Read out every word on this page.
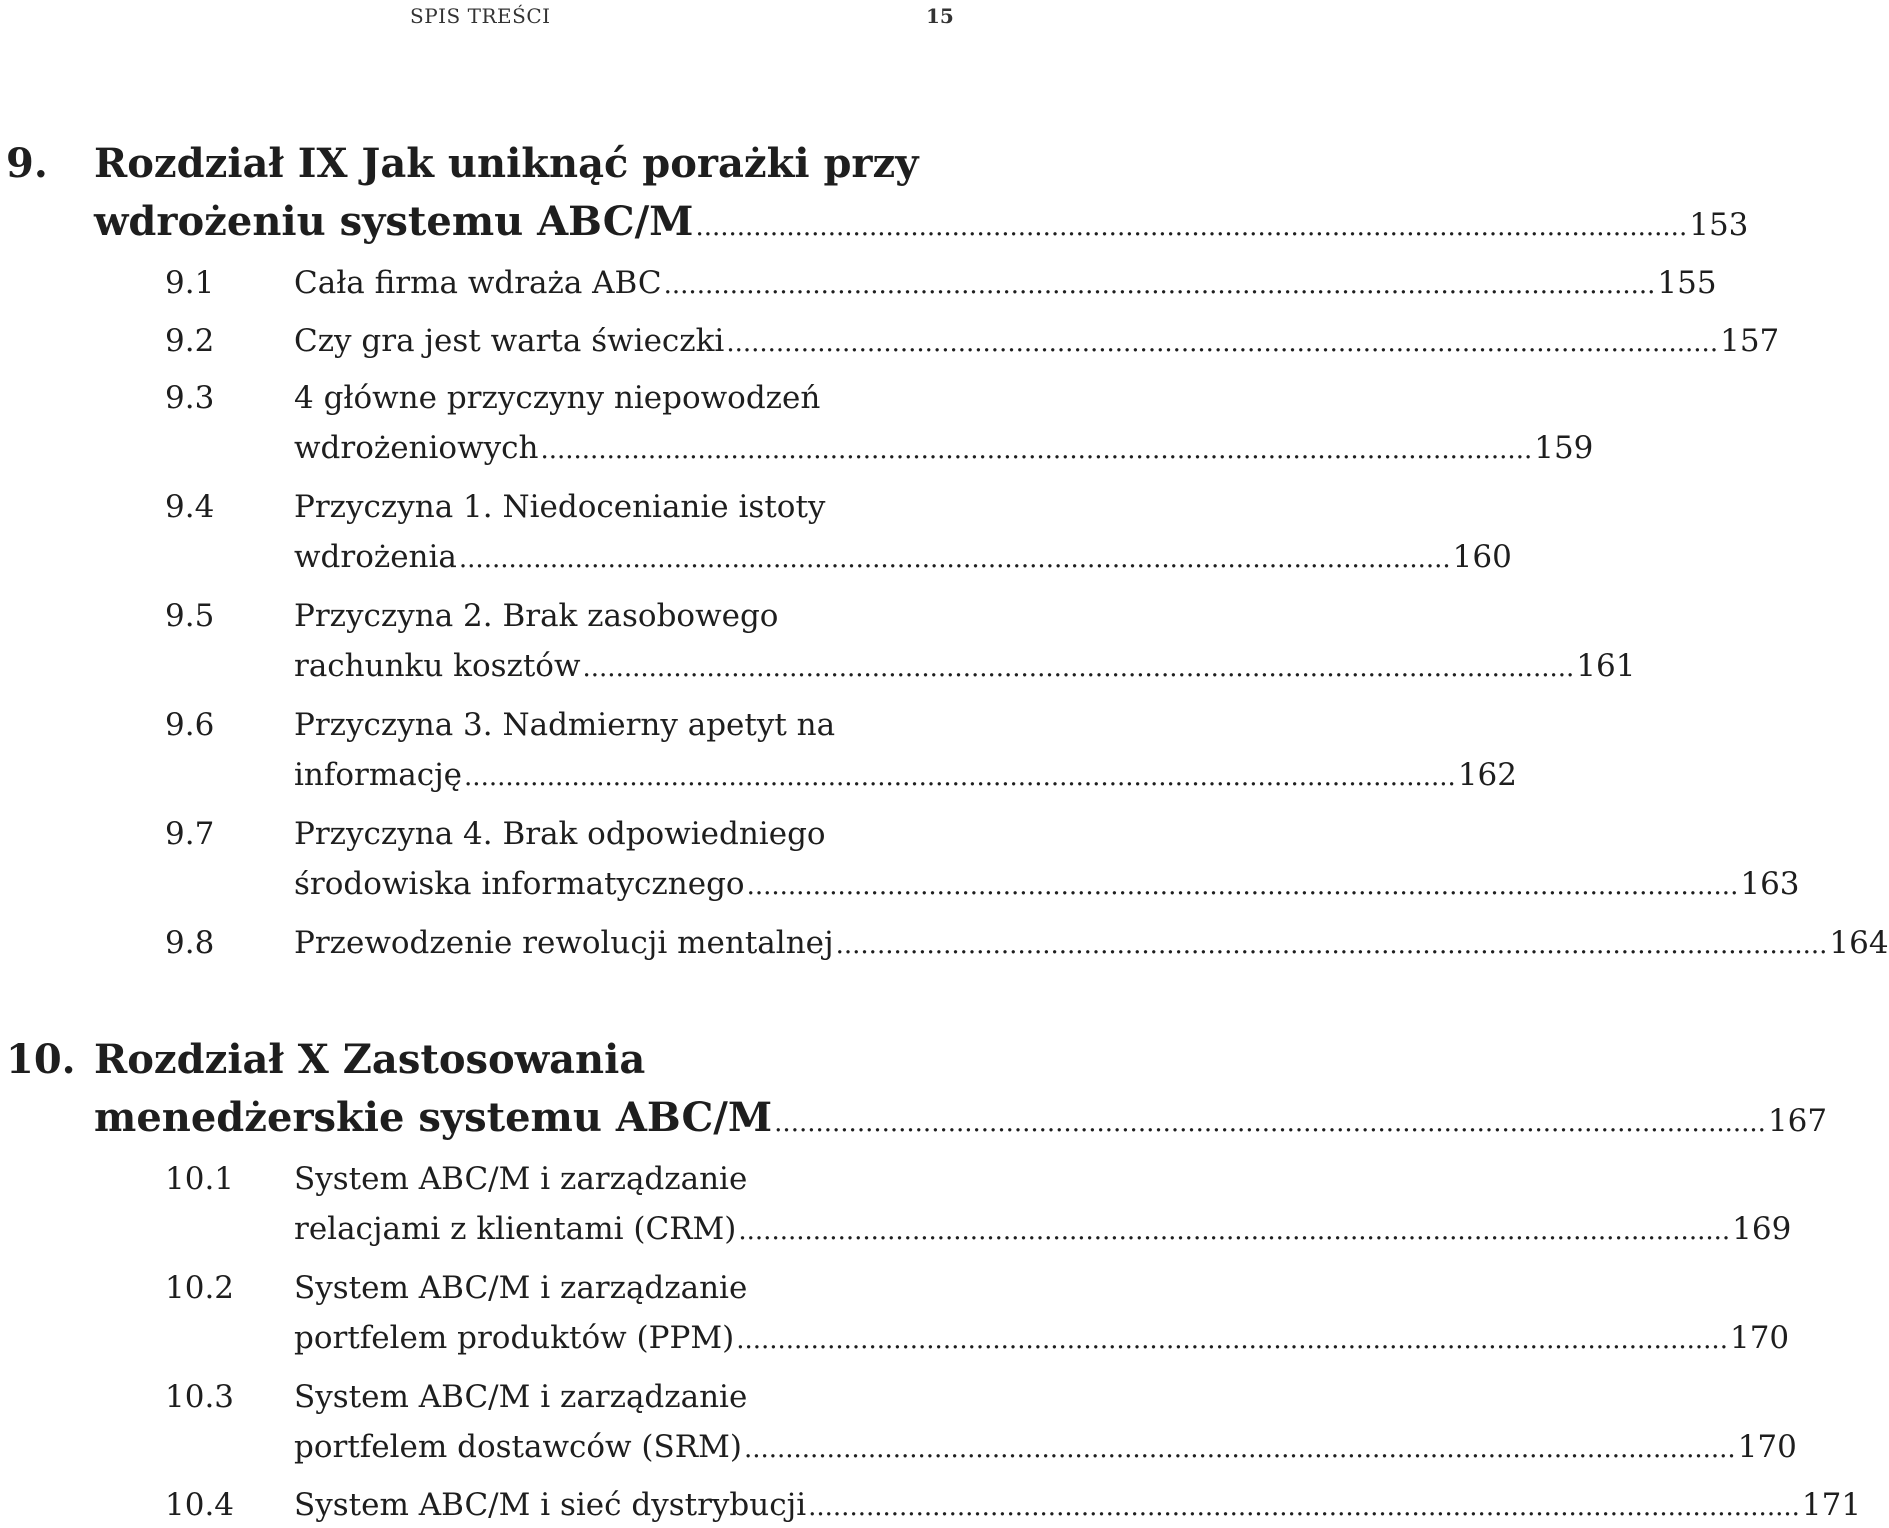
SPIS TREŚCI	15
9. Rozdział IX Jak uniknąć porażki przy
wdrożeniu systemu ABC/M ........................................................................................................................ 153
9.1	Cała firma wdraża ABC ........................................................................................................................ 155
9.2	Czy gra jest warta świeczki ........................................................................................................................ 157
9.3	4 główne przyczyny niepowodzeń
wdrożeniowych ........................................................................................................................ 159
9.4	Przyczyna 1. Niedocenianie istoty
wdrożenia ........................................................................................................................ 160
9.5	Przyczyna 2. Brak zasobowego
rachunku kosztów ........................................................................................................................ 161
9.6	Przyczyna 3. Nadmierny apetyt na
informację ........................................................................................................................ 162
9.7	Przyczyna 4. Brak odpowiedniego
środowiska informatycznego ........................................................................................................................ 163
9.8	Przewodzenie rewolucji mentalnej ........................................................................................................................ 164
10. Rozdział X Zastosowania
menedżerskie systemu ABC/M ........................................................................................................................ 167
10.1 System ABC/M i zarządzanie
relacjami z klientami (CRM) ........................................................................................................................ 169
10.2 System ABC/M i zarządzanie
portfelem produktów (PPM) ........................................................................................................................ 170
10.3 System ABC/M i zarządzanie
portfelem dostawców (SRM) ........................................................................................................................ 170
10.4 System ABC/M i sieć dystrybucji ........................................................................................................................ 171
